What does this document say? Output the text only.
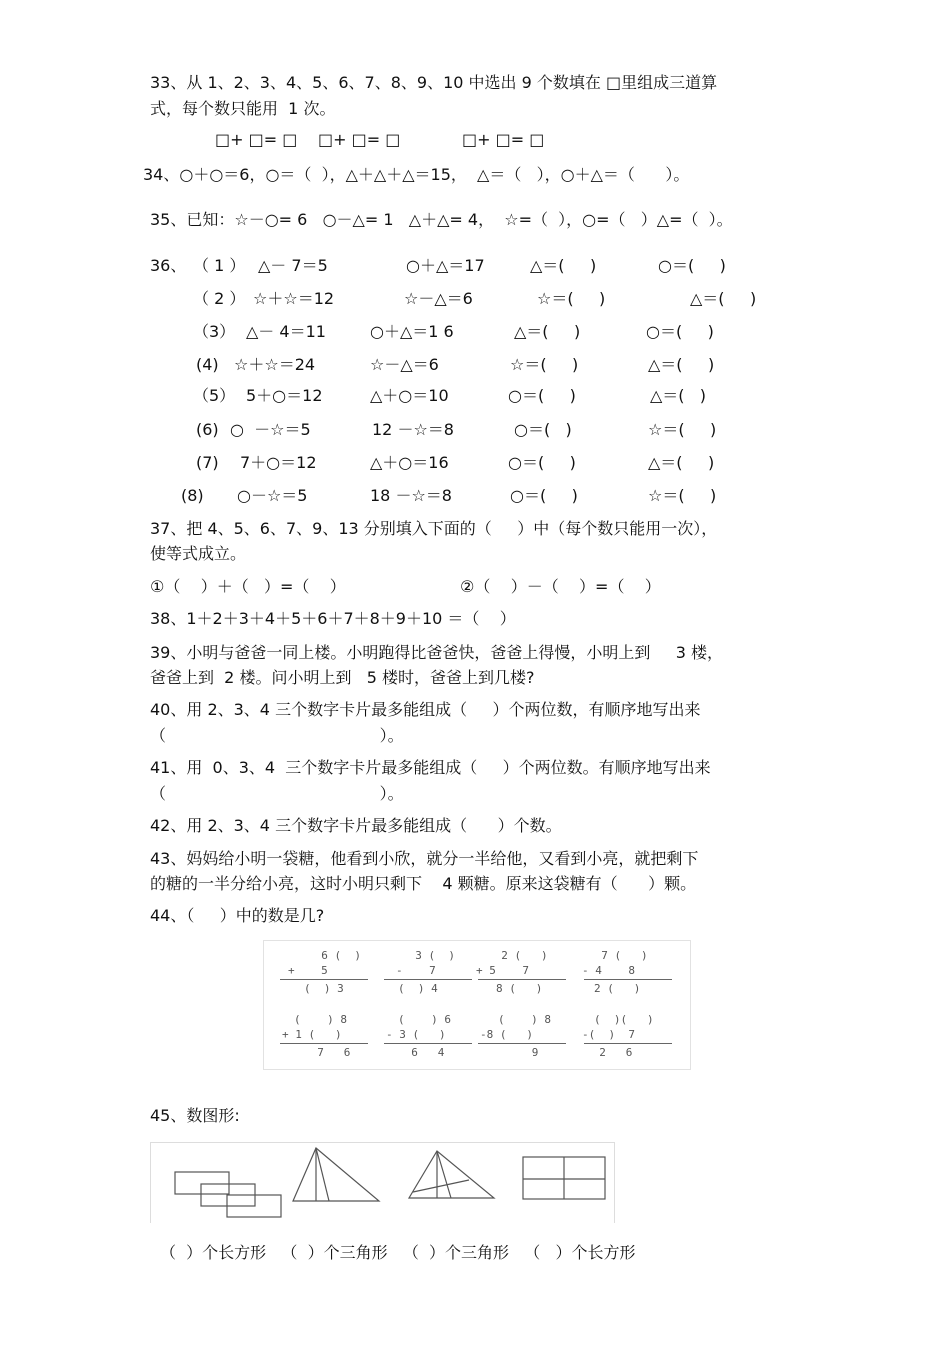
33、从 1、2、3、4、5、6、7、8、9、10 中选出 9 个数填在 □里组成三道算
式，每个数只能用  1 次。
□+ □= □ □+ □= □	□+ □= □
34、○＋○＝6，○＝（  ），△＋△＋△＝15，  △＝（   ），○＋△＝（      ）。
35、已知：☆－○= 6   ○－△= 1   △＋△= 4，  ☆=（  ），○=（   ）△=（  ）。
36、 （ 1 ） △－ 7＝5	○＋△＝17	△＝(     )	○＝(     )
（ 2 ） ☆＋☆＝12	☆－△＝6	☆＝(     )	△＝(     )
（3） △－ 4＝11	○＋△＝1 6	△＝(     )	○＝(     )
(4) ☆＋☆＝24	☆－△＝6	☆＝(     )	△＝(     )
（5） 5＋○＝12	△＋○＝10	○＝(     )	△＝(   )
(6) ○  －☆＝5	12 －☆＝8	○＝(   )	☆＝(     )
(7) 7＋○＝12	△＋○＝16	○＝(     )	△＝(     )
(8) ○－☆＝5	18 －☆＝8	○＝(     )	☆＝(     )
37、把 4、5、6、7、9、13 分别填入下面的（     ）中（每个数只能用一次），
使等式成立。
①（    ）＋（   ）=（    ）	②（    ）－（    ）=（    ）
38、1＋2＋3＋4＋5＋6＋7＋8＋9＋10 ＝（    ）
39、小明与爸爸一同上楼。小明跑得比爸爸快，爸爸上得慢，小明上到     3 楼，
爸爸上到  2 楼。问小明上到   5 楼时，爸爸上到几楼?
40、用 2、3、4 三个数字卡片最多能组成（     ）个两位数，有顺序地写出来
（                                          ）。
41、用  0、3、4  三个数字卡片最多能组成（     ）个两位数。有顺序地写出来
（                                          ）。
42、用 2、3、4 三个数字卡片最多能组成（      ）个数。
43、妈妈给小明一袋糖，他看到小欣，就分一半给他，又看到小亮，就把剩下
的糖的一半分给小亮，这时小明只剩下    4 颗糖。原来这袋糖有（      ）颗。
44、（     ）中的数是几?
6 (  )
+    5
(  ) 3
3 (  )
-    7
(  ) 4
2 (   )
+ 5    7
8 (   )
7 (   )
- 4    8
2 (   )
(    ) 8
+ 1 (   )
7   6
(    ) 6
- 3 (   )
6   4
(    ) 8
-8 (   )
9
(  )(   )
-(  )  7
2   6
45、数图形:
（  ）个长方形   （  ）个三角形   （  ）个三角形   （   ）个长方形
